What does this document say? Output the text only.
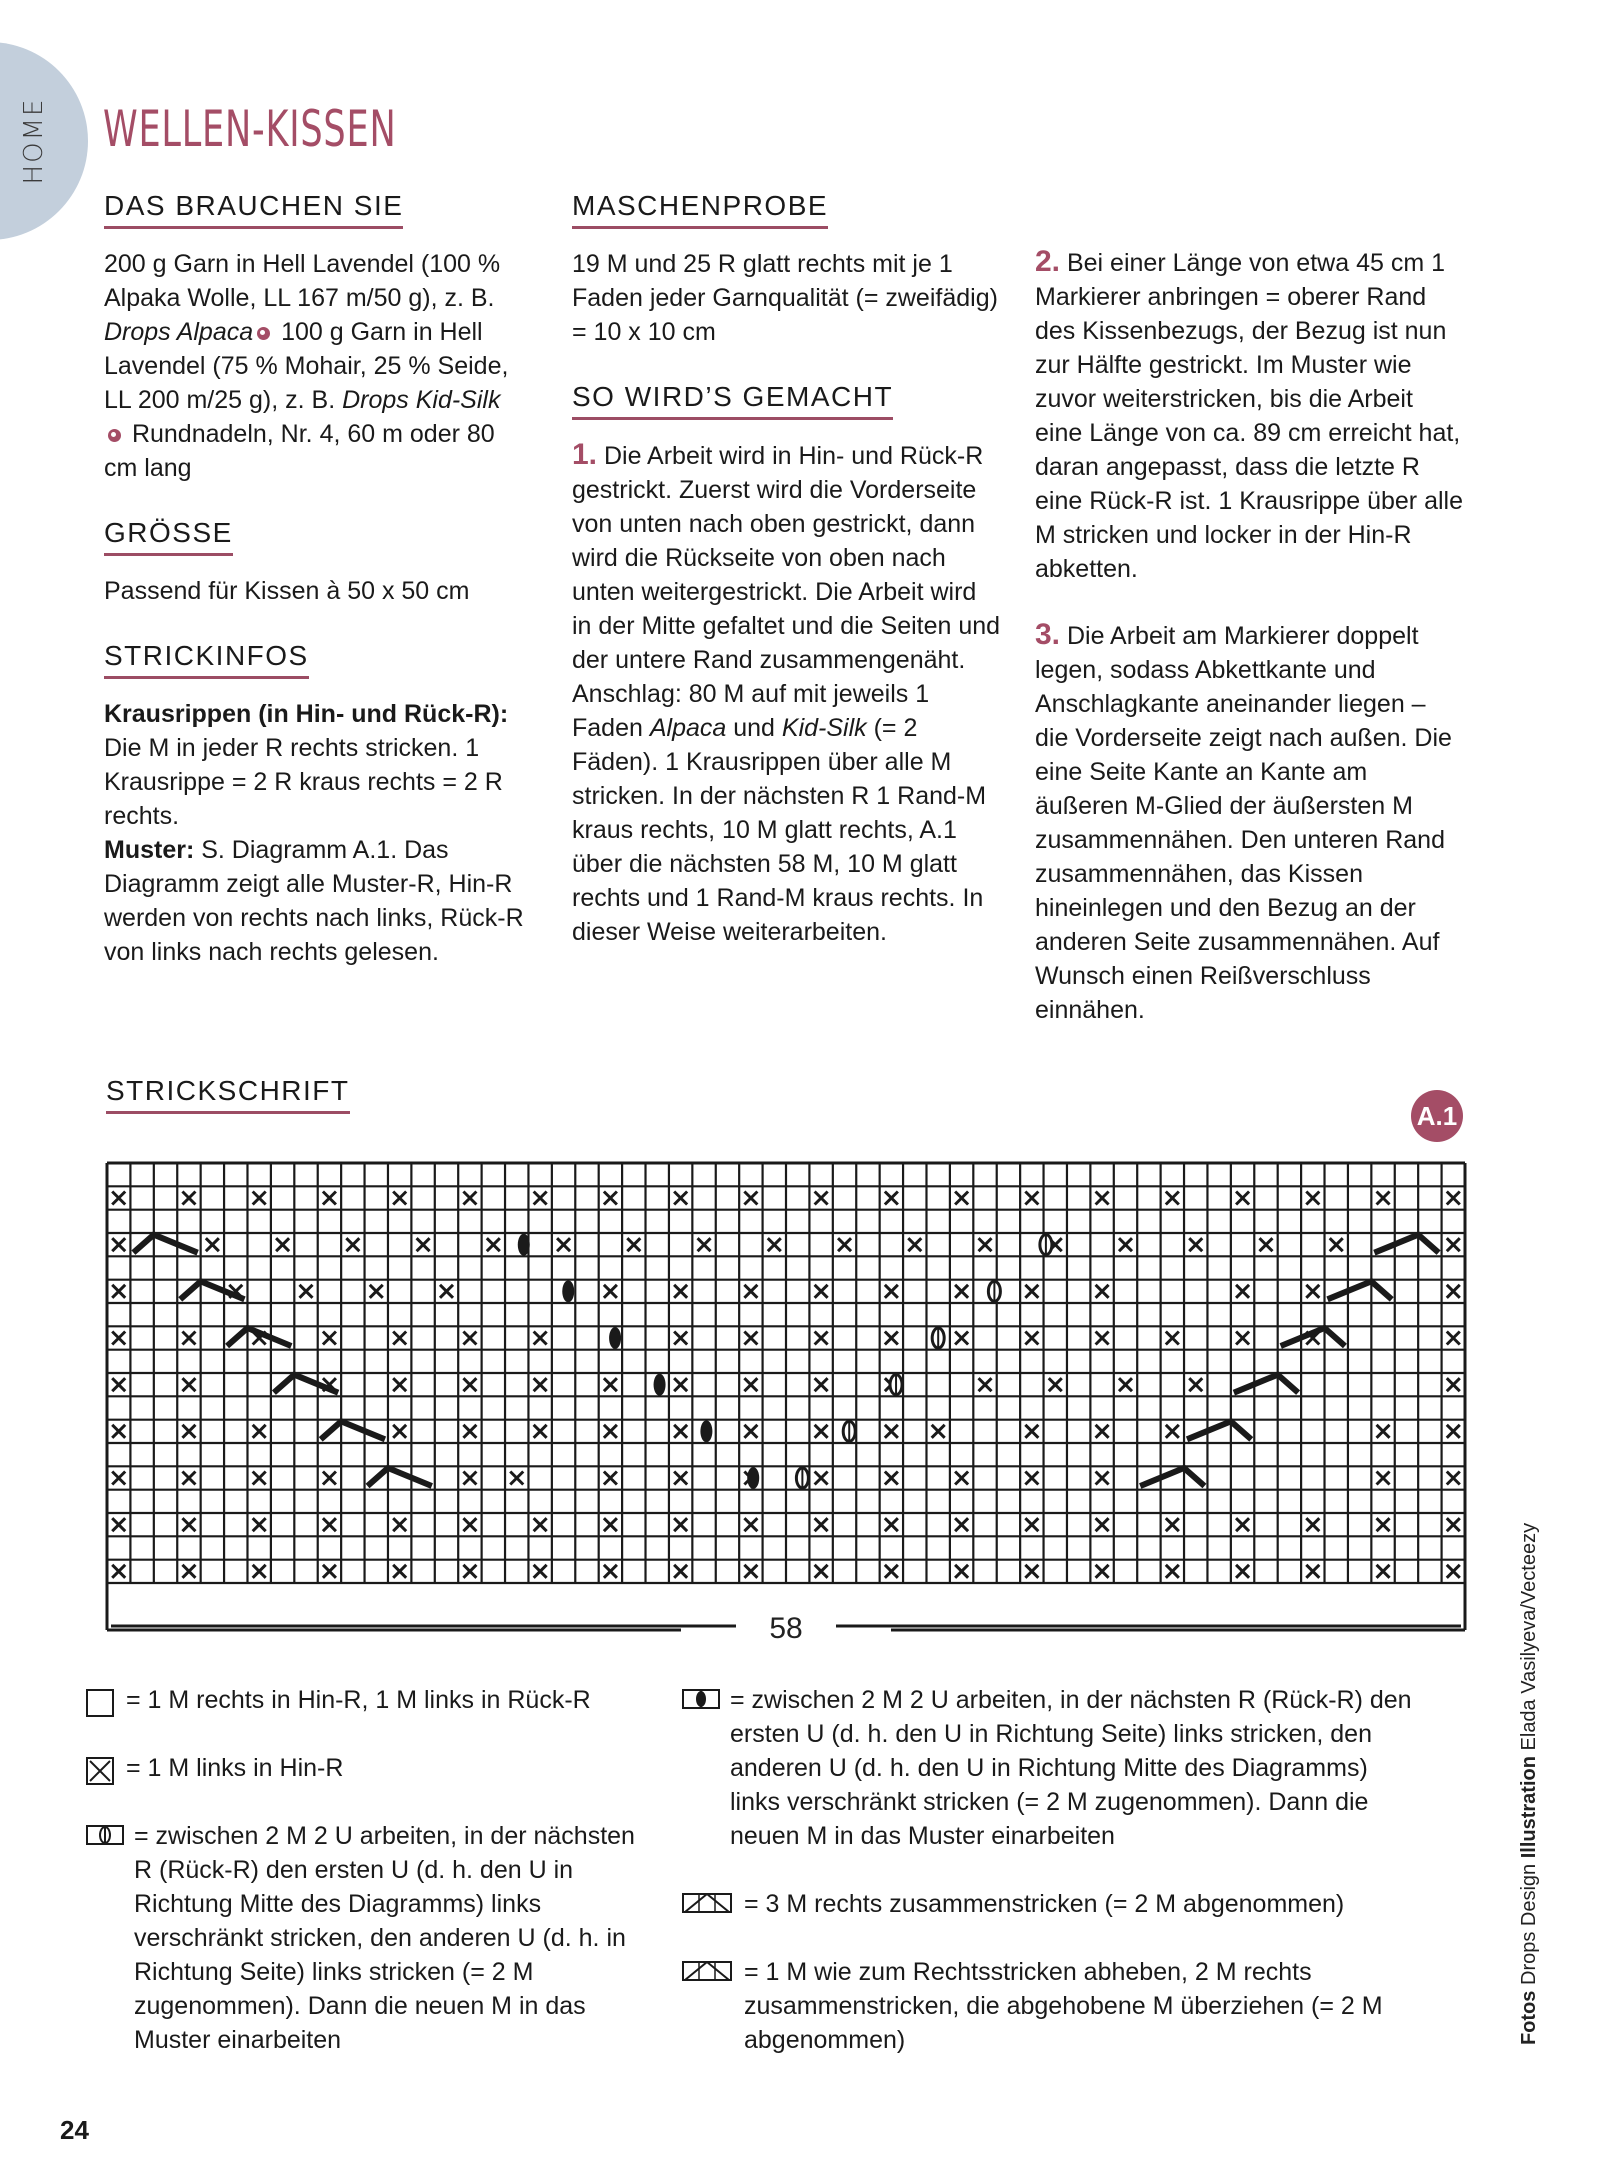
HOME WELLEN-KISSEN
DAS BRAUCHEN SIE

200 g Garn in Hell Lavendel (100 % Alpaka Wolle, LL 167 m/50 g), z. B. Drops Alpaca 100 g Garn in Hell Lavendel (75 % Mohair, 25 % Seide, LL 200 m/25 g), z. B. Drops Kid-Silk
Rundnadeln, Nr. 4, 60 m oder 80 cm lang

GRÖSSE

Passend für Kissen à 50 x 50 cm

STRICKINFOS

Krausrippen (in Hin- und Rück-R):
Die M in jeder R rechts stricken. 1 Krausrippe = 2 R kraus rechts = 2 R rechts.
Muster: S. Diagramm A.1. Das Diagramm zeigt alle Muster-R, Hin-R werden von rechts nach links, Rück-R von links nach rechts gelesen.

MASCHENPROBE

19 M und 25 R glatt rechts mit je 1 Faden jeder Garnqualität (= zweifädig) = 10 x 10 cm

SO WIRD’S GEMACHT

1. Die Arbeit wird in Hin- und Rück-R gestrickt. Zuerst wird die Vorderseite von unten nach oben gestrickt, dann wird die Rückseite von oben nach unten weitergestrickt. Die Arbeit wird in der Mitte gefaltet und die Seiten und der untere Rand zusammengenäht. Anschlag: 80 M auf mit jeweils 1 Faden Alpaca und Kid-Silk (= 2 Fäden). 1 Krausrippen über alle M stricken. In der nächsten R 1 Rand-M kraus rechts, 10 M glatt rechts, A.1 über die nächsten 58 M, 10 M glatt rechts und 1 Rand-M kraus rechts. In dieser Weise weiterarbeiten.

2. Bei einer Länge von etwa 45 cm 1 Markierer anbringen = oberer Rand des Kissenbezugs, der Bezug ist nun zur Hälfte gestrickt. Im Muster wie zuvor weiterstricken, bis die Arbeit eine Länge von ca. 89 cm erreicht hat, daran angepasst, dass die letzte R eine Rück-R ist. 1 Krausrippe über alle M stricken und locker in der Hin-R abketten.

3. Die Arbeit am Markierer doppelt legen, sodass Abkettkante und Anschlagkante aneinander liegen – die Vorderseite zeigt nach außen. Die eine Seite Kante an Kante am äußeren M-Glied der äußersten M zusammennähen. Den unteren Rand zusammennähen, das Kissen hineinlegen und den Bezug an der anderen Seite zusammennähen. Auf Wunsch einen Reißverschluss einnähen.

STRICKSCHRIFT
A.1
58
= 1 M rechts in Hin-R, 1 M links in Rück-R
= 1 M links in Hin-R
= zwischen 2 M 2 U arbeiten, in der nächsten R (Rück-R) den ersten U (d. h. den U in Richtung Mitte des Diagramms) links verschränkt stricken, den anderen U (d. h. in Richtung Seite) links stricken (= 2 M zugenommen). Dann die neuen M in das Muster einarbeiten
= zwischen 2 M 2 U arbeiten, in der nächsten R (Rück-R) den ersten U (d. h. den U in Richtung Seite) links stricken, den anderen U (d. h. den U in Richtung Mitte des Diagramms) links verschränkt stricken (= 2 M zugenommen). Dann die neuen M in das Muster einarbeiten
= 3 M rechts zusammenstricken (= 2 M abgenommen)
= 1 M wie zum Rechtsstricken abheben, 2 M rechts zusammenstricken, die abgehobene M überziehen (= 2 M abgenommen)	Fotos Drops Design Illustration Elada Vasilyeva/Vecteezy
24
